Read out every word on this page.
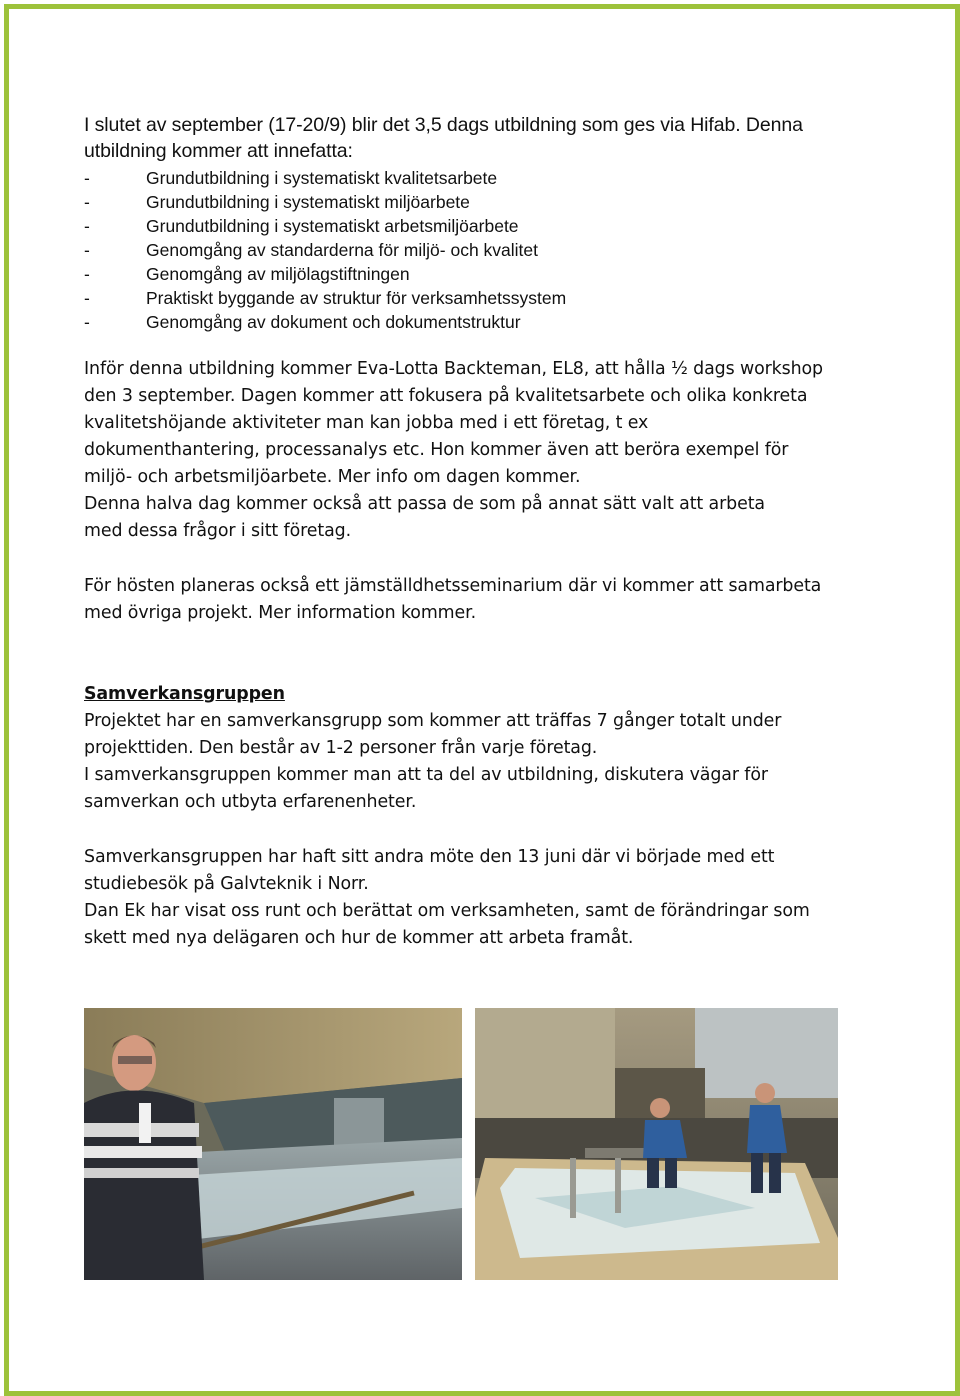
I slutet av september (17-20/9) blir det 3,5 dags utbildning som ges via Hifab. Denna

utbildning kommer att innefatta:

-	Grundutbildning i systematiskt kvalitetsarbete
-	Grundutbildning i systematiskt miljöarbete
-	Grundutbildning i systematiskt arbetsmiljöarbete
-	Genomgång av standarderna för miljö- och kvalitet
-	Genomgång av miljölagstiftningen
-	Praktiskt byggande av struktur för verksamhetssystem
-	Genomgång av dokument och dokumentstruktur

Inför denna utbildning kommer Eva-Lotta Backteman, EL8, att hålla ½ dags workshop

den 3 september. Dagen kommer att fokusera på kvalitetsarbete och olika konkreta

kvalitetshöjande aktiviteter man kan jobba med i ett företag, t ex

dokumenthantering, processanalys etc. Hon kommer även att beröra exempel för

miljö- och arbetsmiljöarbete. Mer info om dagen kommer.

Denna halva dag kommer också att passa de som på annat sätt valt att arbeta

med dessa frågor i sitt företag.

För hösten planeras också ett jämställdhetsseminarium där vi kommer att samarbeta

med övriga projekt. Mer information kommer.

Samverkansgruppen

Projektet har en samverkansgrupp som kommer att träffas 7 gånger totalt under

projekttiden. Den består av 1-2 personer från varje företag.

I samverkansgruppen kommer man att ta del av utbildning, diskutera vägar för

samverkan och utbyta erfarenenheter.

Samverkansgruppen har haft sitt andra möte den 13 juni där vi började med ett

studiebesök på Galvteknik i Norr.

Dan Ek har visat oss runt och berättat om verksamheten, samt de förändringar som

skett med nya delägaren och hur de kommer att arbeta framåt.
